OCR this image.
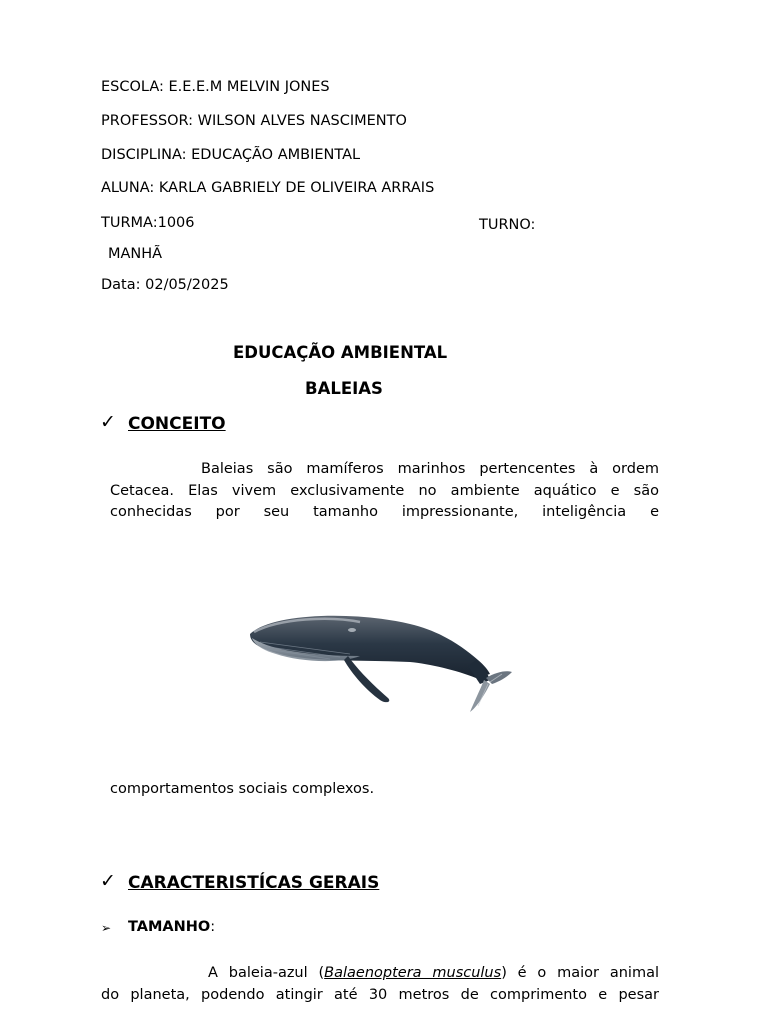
ESCOLA: E.E.E.M MELVIN JONES
PROFESSOR: WILSON ALVES NASCIMENTO
DISCIPLINA: EDUCAÇÃO AMBIENTAL
ALUNA: KARLA GABRIELY DE OLIVEIRA ARRAIS
TURMA:1006	TURNO:
MANHÃ
Data: 02/05/2025
EDUCAÇÃO AMBIENTAL
BALEIAS
✓ CONCEITO
Baleias são mamíferos marinhos pertencentes à ordem
Cetacea. Elas vivem exclusivamente no ambiente aquático e são
conhecidas por seu tamanho impressionante, inteligência e
comportamentos sociais complexos.
✓ CARACTERISTÍCAS GERAIS
➢ TAMANHO:
A baleia-azul (Balaenoptera musculus) é o maior animal
do planeta, podendo atingir até 30 metros de comprimento e pesar
